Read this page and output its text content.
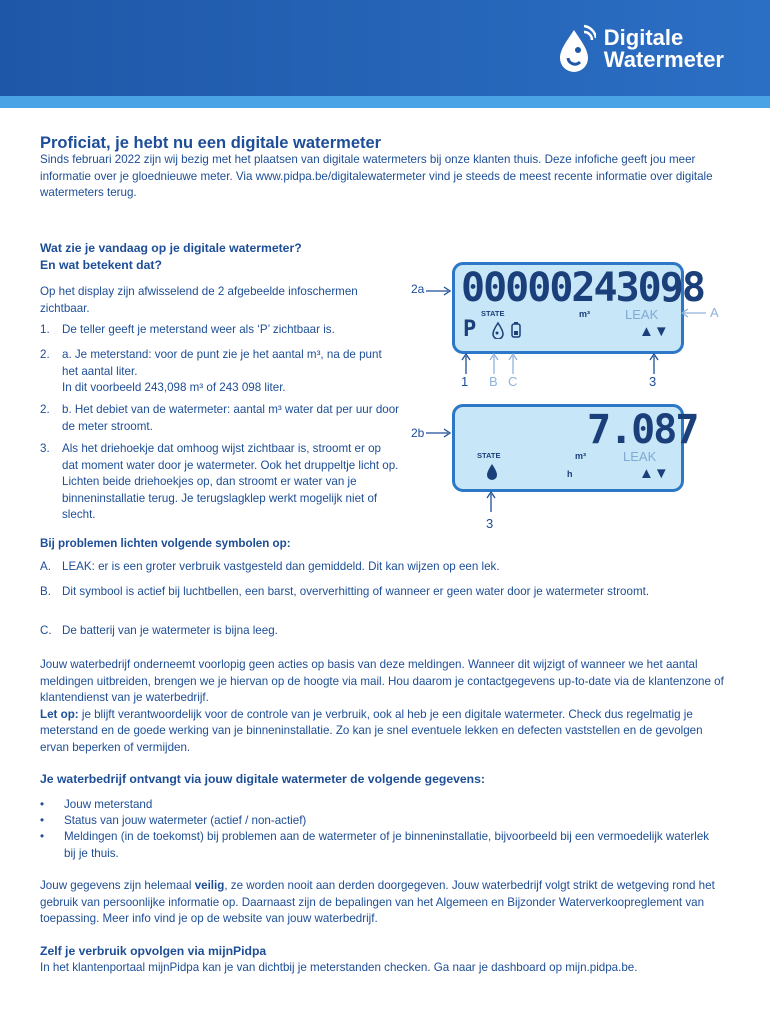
Digitale
Watermeter
Proficiat, je hebt nu een digitale watermeter
Sinds februari 2022 zijn wij bezig met het plaatsen van digitale watermeters bij onze klanten thuis. Deze infofiche geeft jou meer informatie over je gloednieuwe meter. Via www.pidpa.be/digitalewatermeter vind je steeds de meest recente informatie over digitale watermeters terug.
Wat zie je vandaag op je digitale watermeter?
En wat betekent dat?
Op het display zijn afwisselend de 2 afgebeelde infoschermen zichtbaar.
1.	De teller geeft je meterstand weer als ‘P’ zichtbaar is.
2.	a. Je meterstand: voor de punt zie je het aantal m³, na de punt het aantal liter.
In dit voorbeeld 243,098 m³ of 243 098 liter.
2.	b. Het debiet van de watermeter: aantal m³ water dat per uur door de meter stroomt.
3.	Als het driehoekje dat omhoog wijst zichtbaar is, stroomt er op dat moment water door je watermeter. Ook het druppeltje licht op.
Lichten beide driehoekjes op, dan stroomt er water van je binneninstallatie terug. Je terugslagklep werkt mogelijk niet of slecht.
Bij problemen lichten volgende symbolen op:
A. LEAK: er is een groter verbruik vastgesteld dan gemiddeld. Dit kan wijzen op een lek.
B. Dit symbool is actief bij luchtbellen, een barst, oververhitting of wanneer er geen water door je watermeter stroomt.
C. De batterij van je watermeter is bijna leeg.
2a 00000243098
STATE
P
m³	LEAK
▲▼
A
1 B C	3
2b	7.087
STATE	m³
h
LEAK
▲▼
3
Jouw waterbedrijf onderneemt voorlopig geen acties op basis van deze meldingen. Wanneer dit wijzigt of wanneer we het aantal meldingen uitbreiden, brengen we je hiervan op de hoogte via mail. Hou daarom je contactgegevens up-to-date via de klantenzone of klantendienst van je waterbedrijf.
Let op: je blijft verantwoordelijk voor de controle van je verbruik, ook al heb je een digitale watermeter. Check dus regelmatig je meterstand en de goede werking van je binneninstallatie. Zo kan je snel eventuele lekken en defecten vaststellen en de gevolgen ervan beperken of vermijden.
Je waterbedrijf ontvangt via jouw digitale watermeter de volgende gegevens:
•	Jouw meterstand
•	Status van jouw watermeter (actief / non-actief)
•	Meldingen (in de toekomst) bij problemen aan de watermeter of je binneninstallatie, bijvoorbeeld bij een vermoedelijk waterlek bij je thuis.
Jouw gegevens zijn helemaal veilig, ze worden nooit aan derden doorgegeven. Jouw waterbedrijf volgt strikt de wetgeving rond het gebruik van persoonlijke informatie op. Daarnaast zijn de bepalingen van het Algemeen en Bijzonder Waterverkoopreglement van toepassing. Meer info vind je op de website van jouw waterbedrijf.
Zelf je verbruik opvolgen via mijnPidpa
In het klantenportaal mijnPidpa kan je van dichtbij je meterstanden checken. Ga naar je dashboard op mijn.pidpa.be.
